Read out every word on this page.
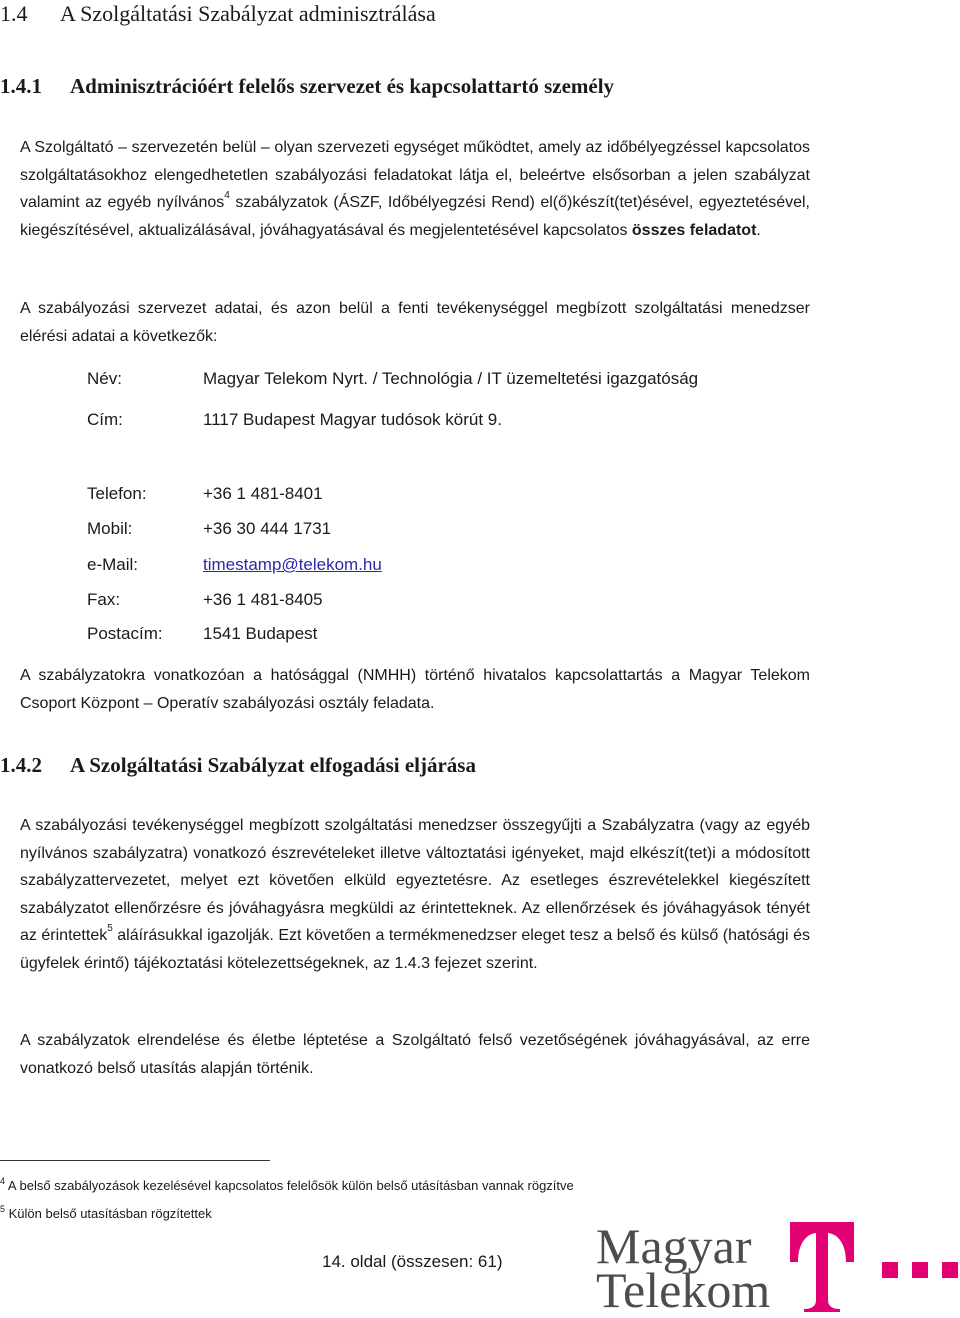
1.4 A Szolgáltatási Szabályzat adminisztrálása
1.4.1 Adminisztrációért felelős szervezet és kapcsolattartó személy

A Szolgáltató – szervezetén belül – olyan szervezeti egységet működtet, amely az időbélyegzéssel kapcsolatos szolgáltatásokhoz elengedhetetlen szabályozási feladatokat látja el, beleértve elsősorban a jelen szabályzat valamint az egyéb nyílvános$^4$ szabályzatok (ÁSZF, Időbélyegzési Rend) el(ő)készít(tet)ésével, egyeztetésével, kiegészítésével, aktualizálásával, jóváhagyatásával és megjelentetésével kapcsolatos összes feladatot.

A szabályozási szervezet adatai, és azon belül a fenti tevékenységgel megbízott szolgáltatási menedzser elérési adatai a következők:

Név:	Magyar Telekom Nyrt. / Technológia / IT üzemeltetési igazgatóság
Cím:	1117 Budapest Magyar tudósok körút 9.
Telefon:	+36 1 481-8401
Mobil:	+36 30 444 1731
e-Mail:	timestamp@telekom.hu
Fax:	+36 1 481-8405
Postacím: 1541 Budapest

A szabályzatokra vonatkozóan a hatósággal (NMHH) történő hivatalos kapcsolattartás a Magyar Telekom Csoport Központ – Operatív szabályozási osztály feladata.

1.4.2 A Szolgáltatási Szabályzat elfogadási eljárása

A szabályozási tevékenységgel megbízott szolgáltatási menedzser összegyűjti a Szabályzatra (vagy az egyéb nyílvános szabályzatra) vonatkozó észrevételeket illetve változtatási igényeket, majd elkészít(tet)i a módosított szabályzattervezetet, melyet ezt követően elküld egyeztetésre. Az esetleges észrevételekkel kiegészített szabályzatot ellenőrzésre és jóváhagyásra megküldi az érintetteknek. Az ellenőrzések és jóváhagyások tényét az érintettek$^5$ aláírásukkal igazolják. Ezt követően a termékmenedzser eleget tesz a belső és külső (hatósági és ügyfelek érintő) tájékoztatási kötelezettségeknek, az 1.4.3 fejezet szerint.

A szabályzatok elrendelése és életbe léptetése a Szolgáltató felső vezetőségének jóváhagyásával, az erre vonatkozó belső utasítás alapján történik.

$^4$ A belső szabályozások kezelésével kapcsolatos felelősök külön belső utásításban vannak rögzítve
$^5$ Külön belső utasításban rögzítettek
14. oldal (összesen: 61) Magyar
Telekom
